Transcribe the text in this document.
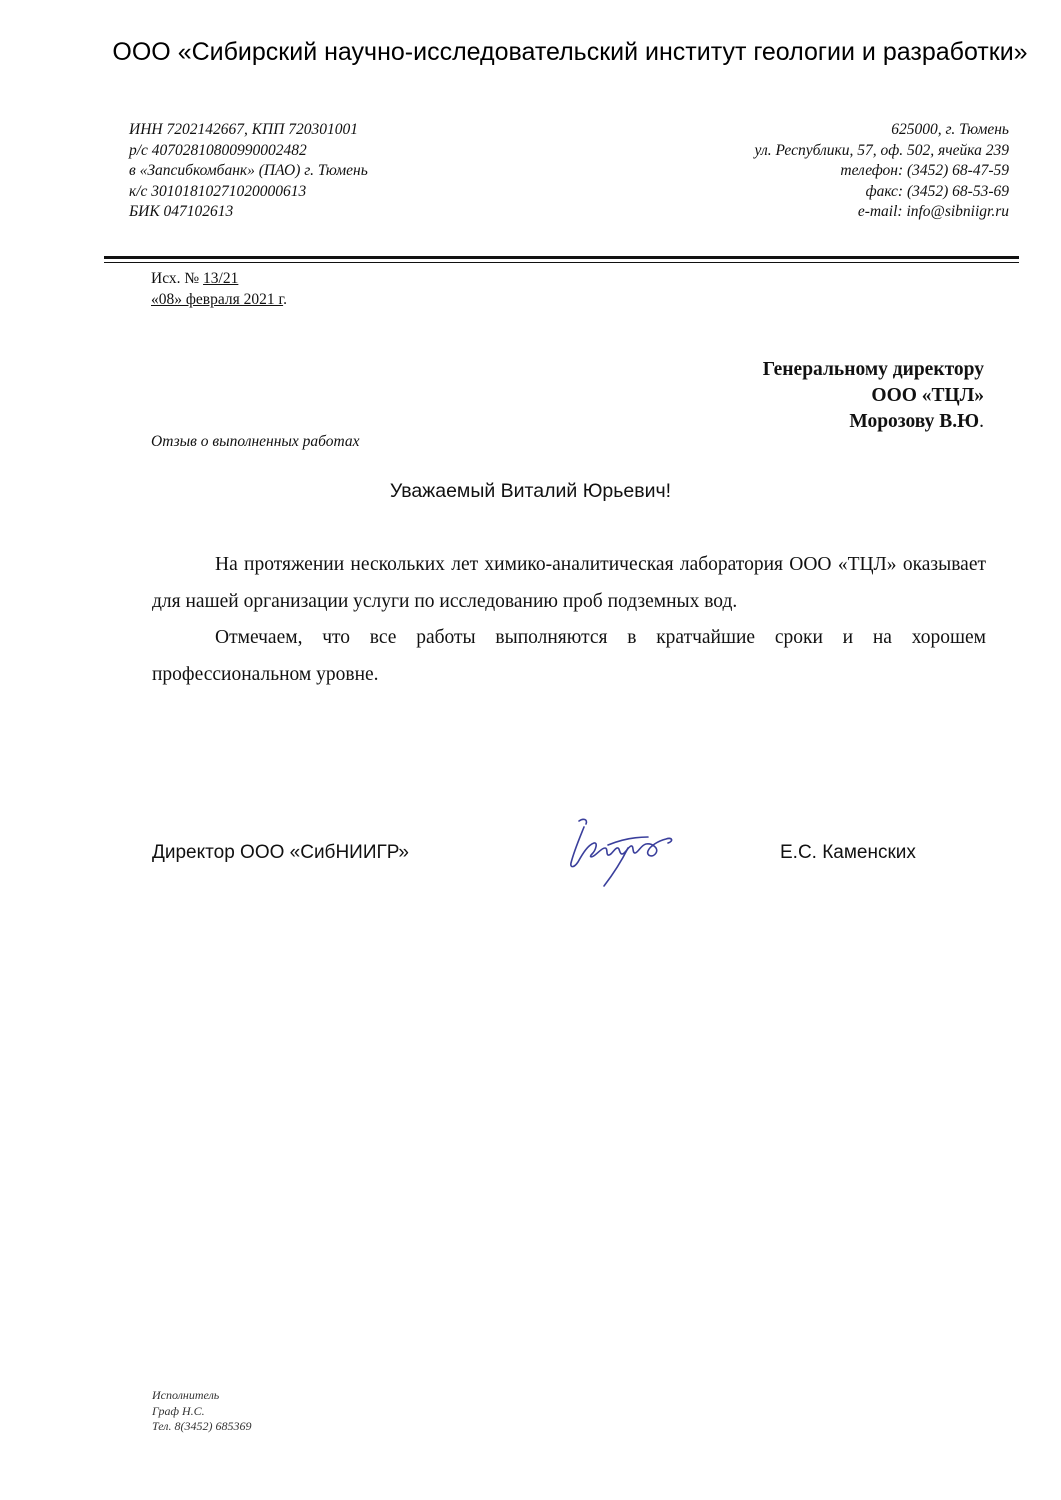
ООО «Сибирский научно-исследовательский институт геологии и разработки»
ИНН 7202142667, КПП 720301001
р/с 40702810800990002482
в «Запсибкомбанк» (ПАО) г. Тюмень
к/с 30101810271020000613
БИК 047102613
625000, г. Тюмень
ул. Республики, 57, оф. 502, ячейка 239
телефон: (3452) 68-47-59
факс: (3452) 68-53-69
e-mail: info@sibniigr.ru
Исх. № 13/21
«08» февраля 2021 г.
Генеральному директору
ООО «ТЦЛ»
Морозову В.Ю.
Отзыв о выполненных работах
Уважаемый Виталий Юрьевич!

На протяжении нескольких лет химико-аналитическая лаборатория ООО «ТЦЛ» оказывает для нашей организации услуги по исследованию проб подземных вод.

Отмечаем, что все работы выполняются в кратчайшие сроки и на хорошем профессиональном уровне.

Директор ООО «СибНИИГР»	Е.С. Каменских
Исполнитель
Граф Н.С.
Тел. 8(3452) 685369
